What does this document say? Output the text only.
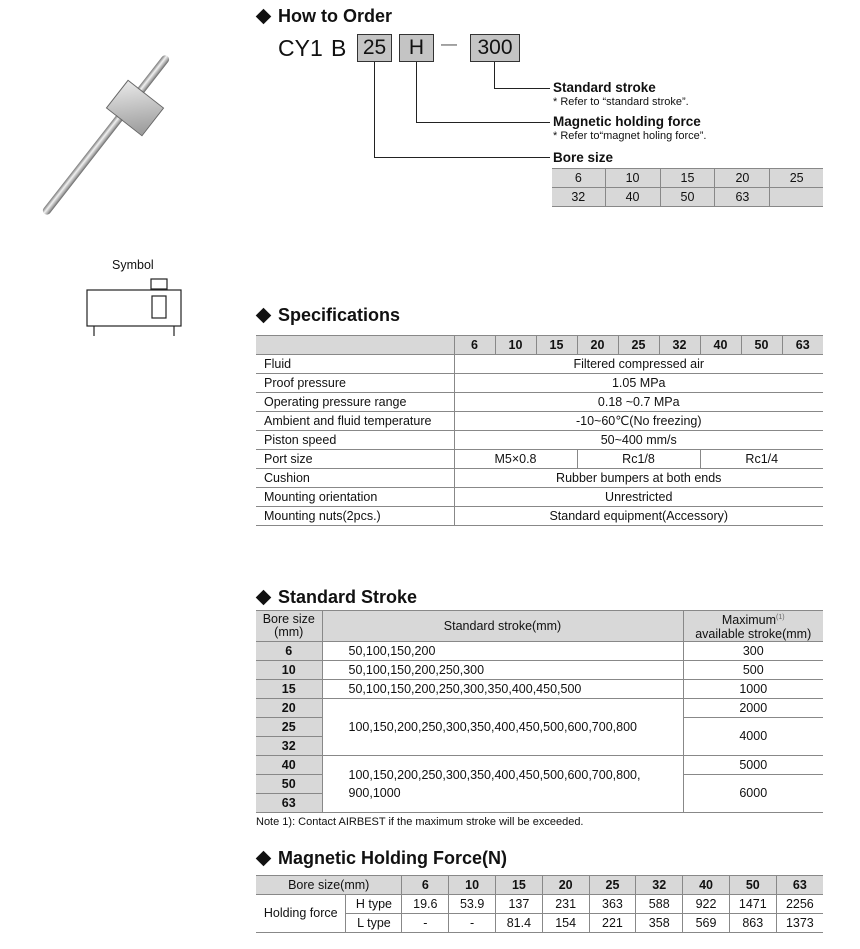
Symbol
How to Order
CY1 B 25	H	— 300
Standard stroke
* Refer to “standard stroke”.
Magnetic holding force
* Refer to“magnet holing force”.
Bore size
6	10	15	20	25
32	40	50	63	
Specifications
	6	10	15	20	25	32	40	50	63
Fluid	Filtered compressed air								
Proof pressure	1.05 MPa								
Operating pressure range	0.18 ~0.7 MPa								
Ambient and fluid temperature	-10~60℃(No freezing)								
Piston speed	50~400 mm/s								
Port size	M5×0.8			Rc1/8			Rc1/4		
Cushion	Rubber bumpers at both ends								
Mounting orientation	Unrestricted								
Mounting nuts(2pcs.)	Standard equipment(Accessory)								
Standard Stroke
Bore size (mm)	Standard stroke(mm)	Maximum$^{(1)}$
available stroke(mm)
6	50,100,150,200	300
10	50,100,150,200,250,300	500
15	50,100,150,200,250,300,350,400,450,500	1000
20	100,150,200,250,300,350,400,450,500,600,700,800	2000
25		4000
32		
40	100,150,200,250,300,350,400,450,500,600,700,800,
900,1000	5000
50		6000
63		
Note 1): Contact AIRBEST if the maximum stroke will be exceeded.
Magnetic Holding Force(N)
Bore size(mm)		6	10	15	20	25	32	40	50	63
Holding force	H type	19.6	53.9	137	231	363	588	922	1471	2256
	L type	-	-	81.4	154	221	358	569	863	1373
